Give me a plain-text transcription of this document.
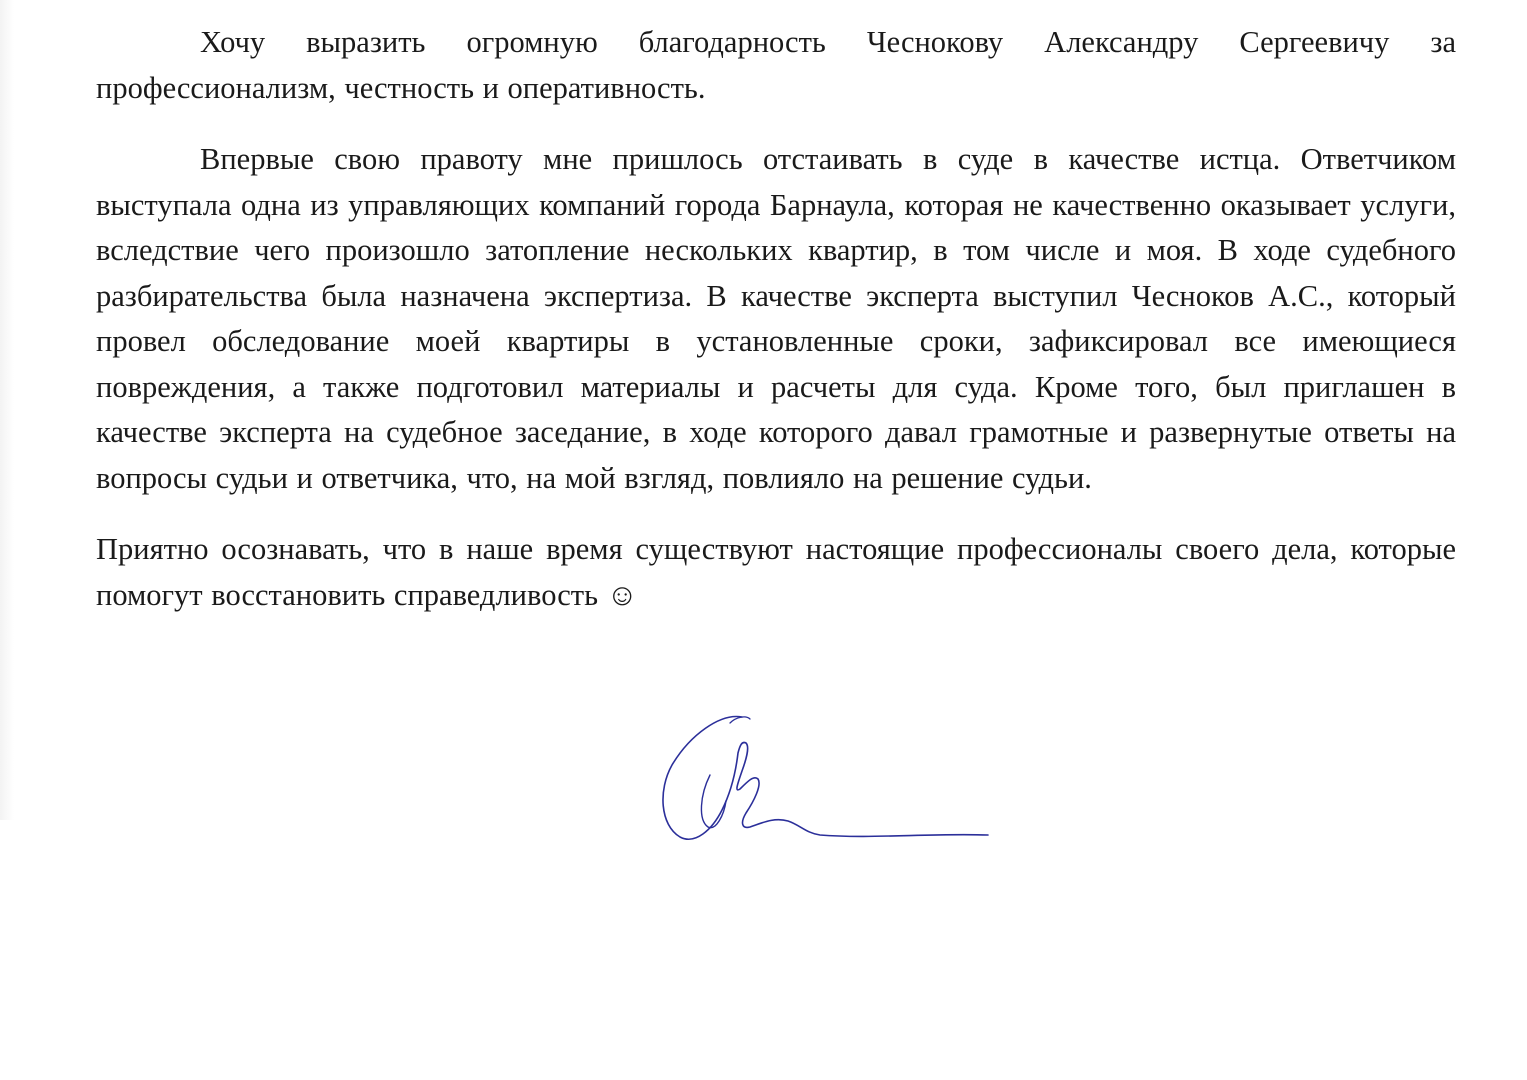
Хочу выразить огромную благодарность Чеснокову Александру Сергеевичу за профессионализм, честность и оперативность.

Впервые свою правоту мне пришлось отстаивать в суде в качестве истца. Ответчиком выступала одна из управляющих компаний города Барнаула, которая не качественно оказывает услуги, вследствие чего произошло затопление нескольких квартир, в том числе и моя. В ходе судебного разбирательства была назначена экспертиза. В качестве эксперта выступил Чесноков А.С., который провел обследование моей квартиры в установленные сроки, зафиксировал все имеющиеся повреждения, а также подготовил материалы и расчеты для суда. Кроме того, был приглашен в качестве эксперта на судебное заседание, в ходе которого давал грамотные и развернутые ответы на вопросы судьи и ответчика, что, на мой взгляд, повлияло на решение судьи.

Приятно осознавать, что в наше время существуют настоящие профессионалы своего дела, которые помогут восстановить справедливость ☺
